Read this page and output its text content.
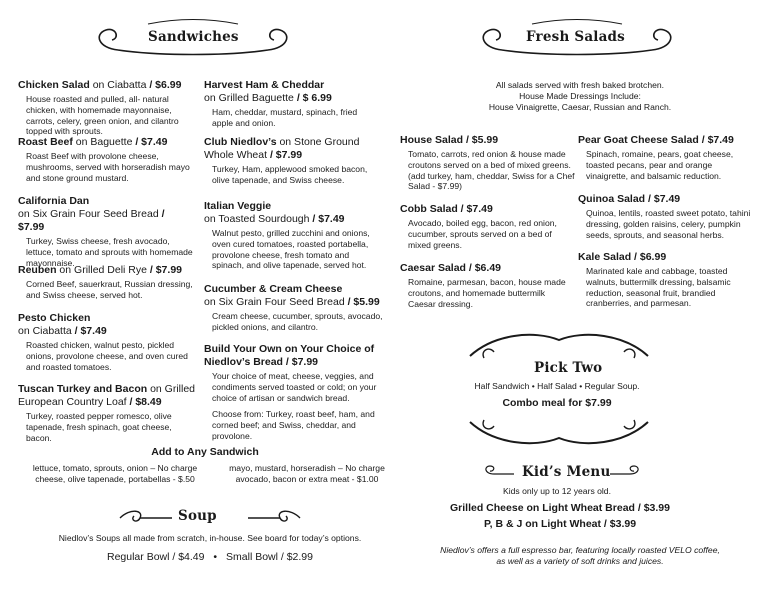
Sandwiches
Chicken Salad on Ciabatta / $6.99
House roasted and pulled, all- natural chicken, with homemade mayonnaise, carrots, celery, green onion, and cilantro topped with sprouts.
Roast Beef on Baguette / $7.49
Roast Beef with provolone cheese, mushrooms, served with horseradish mayo and stone ground mustard.
California Dan
on Six Grain Four Seed Bread / $7.99
Turkey, Swiss cheese, fresh avocado, lettuce, tomato and sprouts with homemade mayonnaise.
Reuben on Grilled Deli Rye / $7.99
Corned Beef, sauerkraut, Russian dressing, and Swiss cheese, served hot.
Pesto Chicken
on Ciabatta / $7.49
Roasted chicken, walnut pesto, pickled onions, provolone cheese, and oven cured and roasted tomatoes.
Tuscan Turkey and Bacon on Grilled European Country Loaf / $8.49
Turkey, roasted pepper romesco, olive tapenade, fresh spinach, goat cheese, bacon.
Harvest Ham & Cheddar
on Grilled Baguette / $ 6.99
Ham, cheddar, mustard, spinach, fried apple and onion.
Club Niedlov’s on Stone Ground Whole Wheat / $7.99
Turkey, Ham, applewood smoked bacon, olive tapenade, and Swiss cheese.
Italian Veggie
on Toasted Sourdough / $7.49
Walnut pesto, grilled zucchini and onions, oven cured tomatoes, roasted portabella, provolone cheese, fresh tomato and spinach, and olive tapenade, served hot.
Cucumber & Cream Cheese
on Six Grain Four Seed Bread / $5.99
Cream cheese, cucumber, sprouts, avocado, pickled onions, and cilantro.
Build Your Own on Your Choice of Niedlov’s Bread / $7.99

Your choice of meat, cheese, veggies, and condiments served toasted or cold; on your choice of artisan or sandwich bread.

Choose from: Turkey, roast beef, ham, and corned beef; and Swiss, cheddar, and provolone.

Add to Any Sandwich
lettuce, tomato, sprouts, onion – No charge
cheese, olive tapenade, portabellas - $.50
mayo, mustard, horseradish – No charge
avocado, bacon or extra meat - $1.00
Soup
Niedlov’s Soups all made from scratch, in-house. See board for today’s options.
Regular Bowl / $4.49 • Small Bowl / $2.99
Fresh Salads
All salads served with fresh baked brotchen.
House Made Dressings Include:
House Vinaigrette, Caesar, Russian and Ranch.
House Salad / $5.99
Tomato, carrots, red onion & house made croutons served on a bed of mixed greens. (add turkey, ham, cheddar, Swiss for a Chef Salad - $7.99)
Cobb Salad / $7.49
Avocado, boiled egg, bacon, red onion, cucumber, sprouts served on a bed of mixed greens.
Caesar Salad / $6.49
Romaine, parmesan, bacon, house made croutons, and homemade buttermilk Caesar dressing.
Pear Goat Cheese Salad / $7.49
Spinach, romaine, pears, goat cheese, toasted pecans, pear and orange vinaigrette, and balsamic reduction.
Quinoa Salad / $7.49
Quinoa, lentils, roasted sweet potato, tahini dressing, golden raisins, celery, pumpkin seeds, sprouts, and seasonal herbs.
Kale Salad / $6.99
Marinated kale and cabbage, toasted walnuts, buttermilk dressing, balsamic reduction, seasonal fruit, brandied cranberries, and parmesan.
Pick Two
Half Sandwich • Half Salad • Regular Soup.
Combo meal for $7.99
Kid’s Menu
Kids only up to 12 years old.
Grilled Cheese on Light Wheat Bread / $3.99
P, B & J on Light Wheat / $3.99
Niedlov’s offers a full espresso bar, featuring locally roasted VELO coffee,
as well as a variety of soft drinks and juices.
